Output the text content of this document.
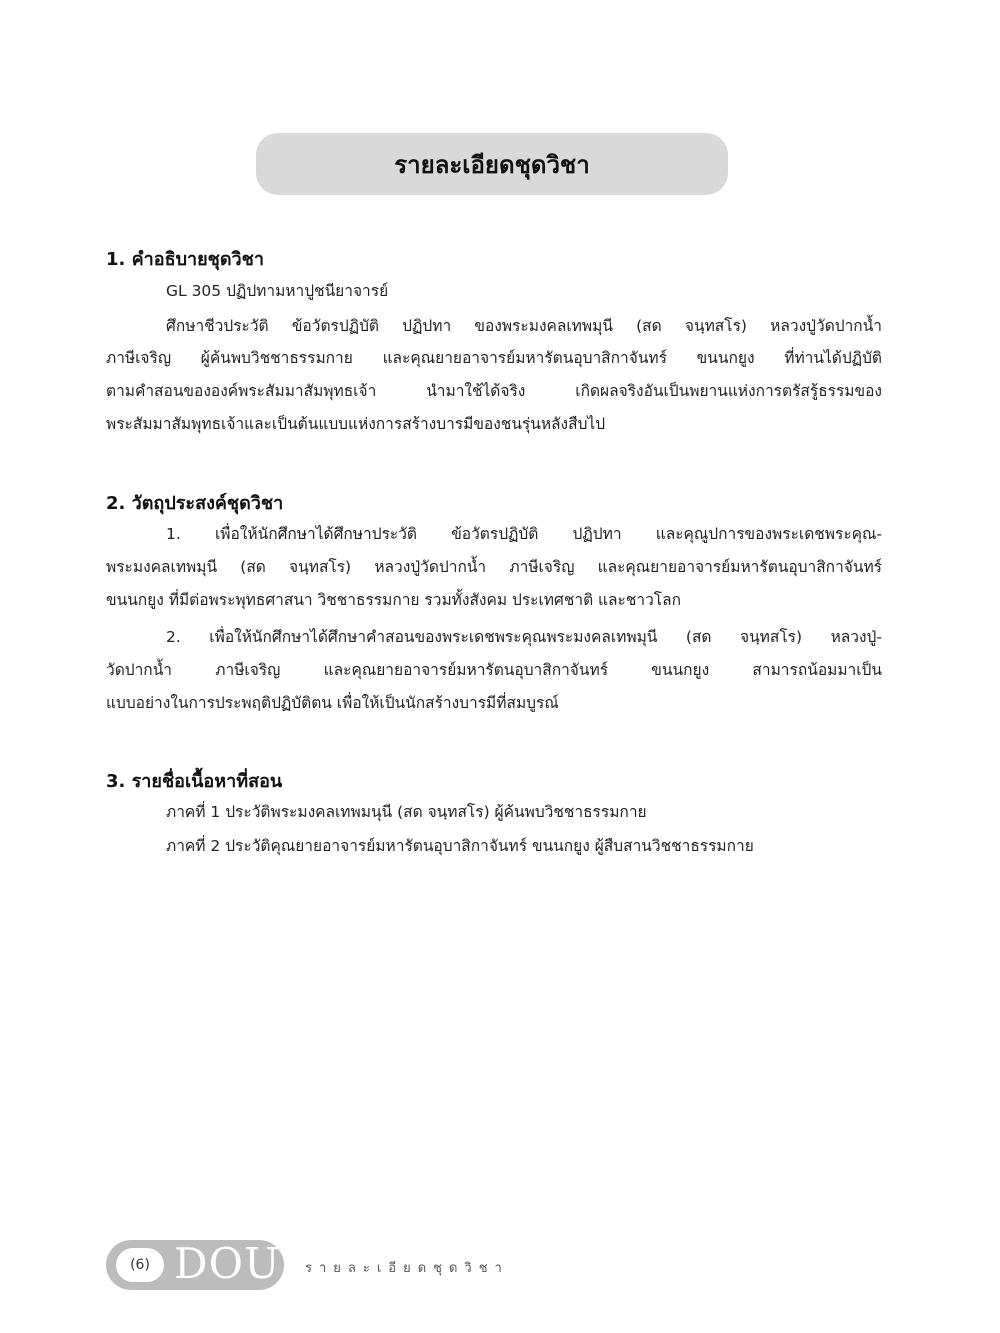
รายละเอียดชุดวิชา
1. คำอธิบายชุดวิชา
GL 305 ปฏิปทามหาปูชนียาจารย์
ศึกษาชีวประวัติ ข้อวัตรปฏิบัติ ปฏิปทา ของพระมงคลเทพมุนี (สด จนฺทสโร) หลวงปู่วัดปากน้ำ
ภาษีเจริญ ผู้ค้นพบวิชชาธรรมกาย และคุณยายอาจารย์มหารัตนอุบาสิกาจันทร์ ขนนกยูง ที่ท่านได้ปฏิบัติ
ตามคำสอนขององค์พระสัมมาสัมพุทธเจ้า นำมาใช้ได้จริง เกิดผลจริงอันเป็นพยานแห่งการตรัสรู้ธรรมของ
พระสัมมาสัมพุทธเจ้าและเป็นต้นแบบแห่งการสร้างบารมีของชนรุ่นหลังสืบไป
2. วัตถุประสงค์ชุดวิชา
1. เพื่อให้นักศึกษาได้ศึกษาประวัติ ข้อวัตรปฏิบัติ ปฏิปทา และคุณูปการของพระเดชพระคุณ-
พระมงคลเทพมุนี (สด จนฺทสโร) หลวงปู่วัดปากน้ำ ภาษีเจริญ และคุณยายอาจารย์มหารัตนอุบาสิกาจันทร์
ขนนกยูง ที่มีต่อพระพุทธศาสนา วิชชาธรรมกาย รวมทั้งสังคม ประเทศชาติ และชาวโลก
2. เพื่อให้นักศึกษาได้ศึกษาคำสอนของพระเดชพระคุณพระมงคลเทพมุนี (สด จนฺทสโร) หลวงปู่-
วัดปากน้ำ ภาษีเจริญ และคุณยายอาจารย์มหารัตนอุบาสิกาจันทร์ ขนนกยูง สามารถน้อมมาเป็น
แบบอย่างในการประพฤติปฏิบัติตน เพื่อให้เป็นนักสร้างบารมีที่สมบูรณ์
3. รายชื่อเนื้อหาที่สอน
ภาคที่ 1 ประวัติพระมงคลเทพมนุนี (สด จนฺทสโร) ผู้ค้นพบวิชชาธรรมกาย
ภาคที่ 2 ประวัติคุณยายอาจารย์มหารัตนอุบาสิกาจันทร์ ขนนกยูง ผู้สืบสานวิชชาธรรมกาย
(6) DOU รายละเอียดชุดวิชา
